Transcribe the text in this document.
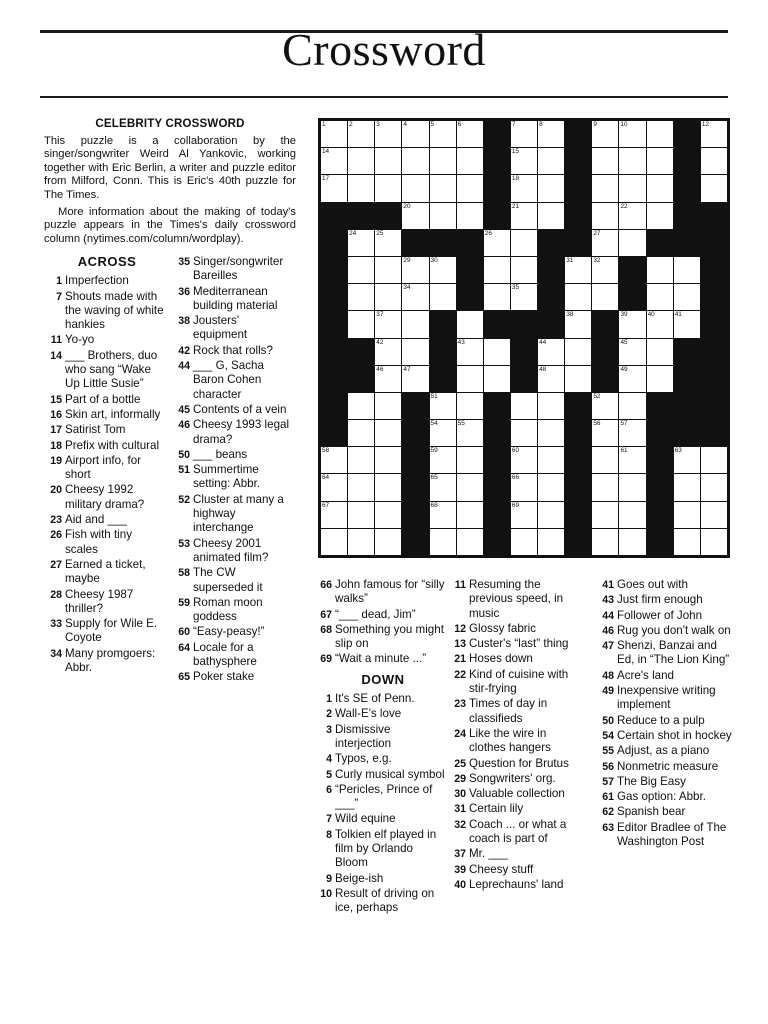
Crossword
CELEBRITY CROSSWORD

This puzzle is a collaboration by the singer/songwriter Weird Al Yankovic, working together with Eric Berlin, a writer and puzzle editor from Milford, Conn. This is Eric's 40th puzzle for The Times.

More information about the making of today's puzzle appears in the Times's daily crossword column (nytimes.com/column/wordplay).

ACROSS
1 Imperfection
7 Shouts made with the waving of white hankies
11 Yo-yo
14 ___ Brothers, duo who sang “Wake Up Little Susie”
15 Part of a bottle
16 Skin art, informally
17 Satirist Tom
18 Prefix with cultural
19 Airport info, for short
20 Cheesy 1992 military drama?
23 Aid and ___
26 Fish with tiny scales
27 Earned a ticket, maybe
28 Cheesy 1987 thriller?
33 Supply for Wile E. Coyote
34 Many promgoers: Abbr.
35 Singer/songwriter Bareilles
36 Mediterranean building material
38 Jousters' equipment
42 Rock that rolls?
44 ___ G, Sacha Baron Cohen character
45 Contents of a vein
46 Cheesy 1993 legal drama?
50 ___ beans
51 Summertime setting: Abbr.
52 Cluster at many a highway interchange
53 Cheesy 2001 animated film?
58 The CW superseded it
59 Roman moon goddess
60 “Easy-peasy!”
64 Locale for a bathysphere
65 Poker stake
66 John famous for “silly walks”
67 “___ dead, Jim”
68 Something you might slip on
69 “Wait a minute ...”
DOWN
1 It's SE of Penn.
2 Wall-E's love
3 Dismissive interjection
4 Typos, e.g.
5 Curly musical symbol
6 “Pericles, Prince of ___”
7 Wild equine
8 Tolkien elf played in film by Orlando Bloom
9 Beige-ish
10 Result of driving on ice, perhaps
11 Resuming the previous speed, in music
12 Glossy fabric
13 Custer's “last” thing
21 Hoses down
22 Kind of cuisine with stir-frying
23 Times of day in classifieds
24 Like the wire in clothes hangers
25 Question for Brutus
29 Songwriters' org.
30 Valuable collection
31 Certain lily
32 Coach ... or what a coach is part of
37 Mr. ___
39 Cheesy stuff
40 Leprechauns' land
41 Goes out with
43 Just firm enough
44 Follower of John
46 Rug you don't walk on
47 Shenzi, Banzai and Ed, in “The Lion King”
48 Acre's land
49 Inexpensive writing implement
50 Reduce to a pulp
54 Certain shot in hockey
55 Adjust, as a piano
56 Nonmetric measure
57 The Big Easy
61 Gas option: Abbr.
62 Spanish bear
63 Editor Bradlee of The Washington Post
1	2	3	4	5	6	7	8	9	10	12
14	15
17	18
20	21	22
24	25	26	27
29	30	31	32
34	35
37	38	39	40	41
42	43	44	45
46	47	48	49
51	52
54	55	56	57
58	59	60	61	63
64	65	66
67	68	69
